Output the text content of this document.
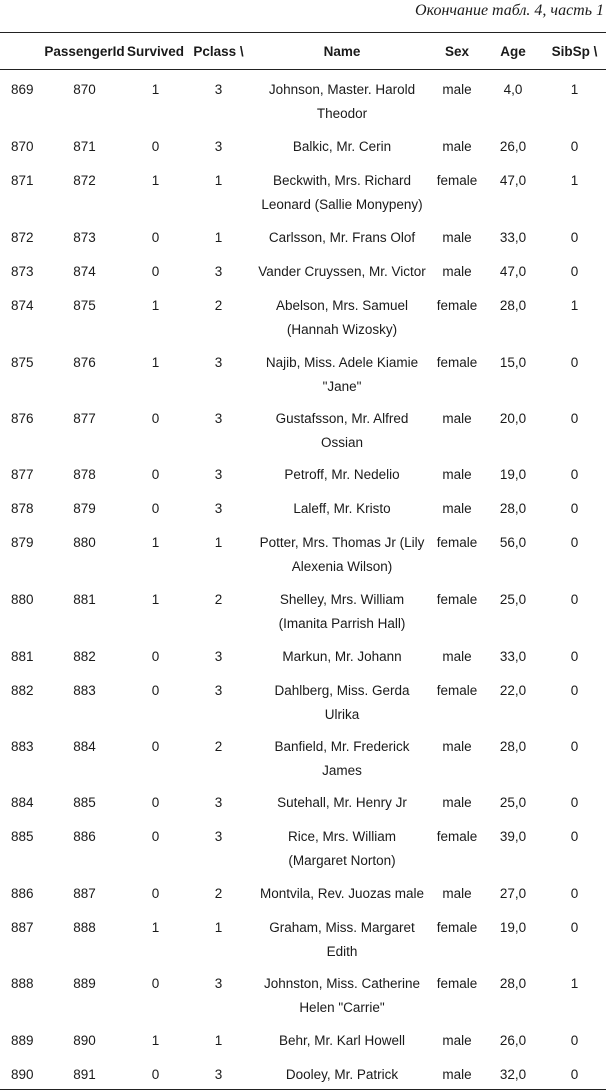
Окончание табл. 4, часть 1
	PassengerId	Survived	Pclass \	Name	Sex	Age	SibSp \
869	870	1	3	Johnson, Master. Harold Theodor	male	4,0	1
870	871	0	3	Balkic, Mr. Cerin	male	26,0	0
871	872	1	1	Beckwith, Mrs. Richard Leonard (Sallie Monypeny)	female	47,0	1
872	873	0	1	Carlsson, Mr. Frans Olof	male	33,0	0
873	874	0	3	Vander Cruyssen, Mr. Victor	male	47,0	0
874	875	1	2	Abelson, Mrs. Samuel (Hannah Wizosky)	female	28,0	1
875	876	1	3	Najib, Miss. Adele Kiamie "Jane"	female	15,0	0
876	877	0	3	Gustafsson, Mr. Alfred Ossian	male	20,0	0
877	878	0	3	Petroff, Mr. Nedelio	male	19,0	0
878	879	0	3	Laleff, Mr. Kristo	male	28,0	0
879	880	1	1	Potter, Mrs. Thomas Jr (Lily Alexenia Wilson)	female	56,0	0
880	881	1	2	Shelley, Mrs. William (Imanita Parrish Hall)	female	25,0	0
881	882	0	3	Markun, Mr. Johann	male	33,0	0
882	883	0	3	Dahlberg, Miss. Gerda Ulrika	female	22,0	0
883	884	0	2	Banfield, Mr. Frederick James	male	28,0	0
884	885	0	3	Sutehall, Mr. Henry Jr	male	25,0	0
885	886	0	3	Rice, Mrs. William (Margaret Norton)	female	39,0	0
886	887	0	2	Montvila, Rev. Juozas male	male	27,0	0
887	888	1	1	Graham, Miss. Margaret Edith	female	19,0	0
888	889	0	3	Johnston, Miss. Catherine Helen "Carrie"	female	28,0	1
889	890	1	1	Behr, Mr. Karl Howell	male	26,0	0
890	891	0	3	Dooley, Mr. Patrick	male	32,0	0
